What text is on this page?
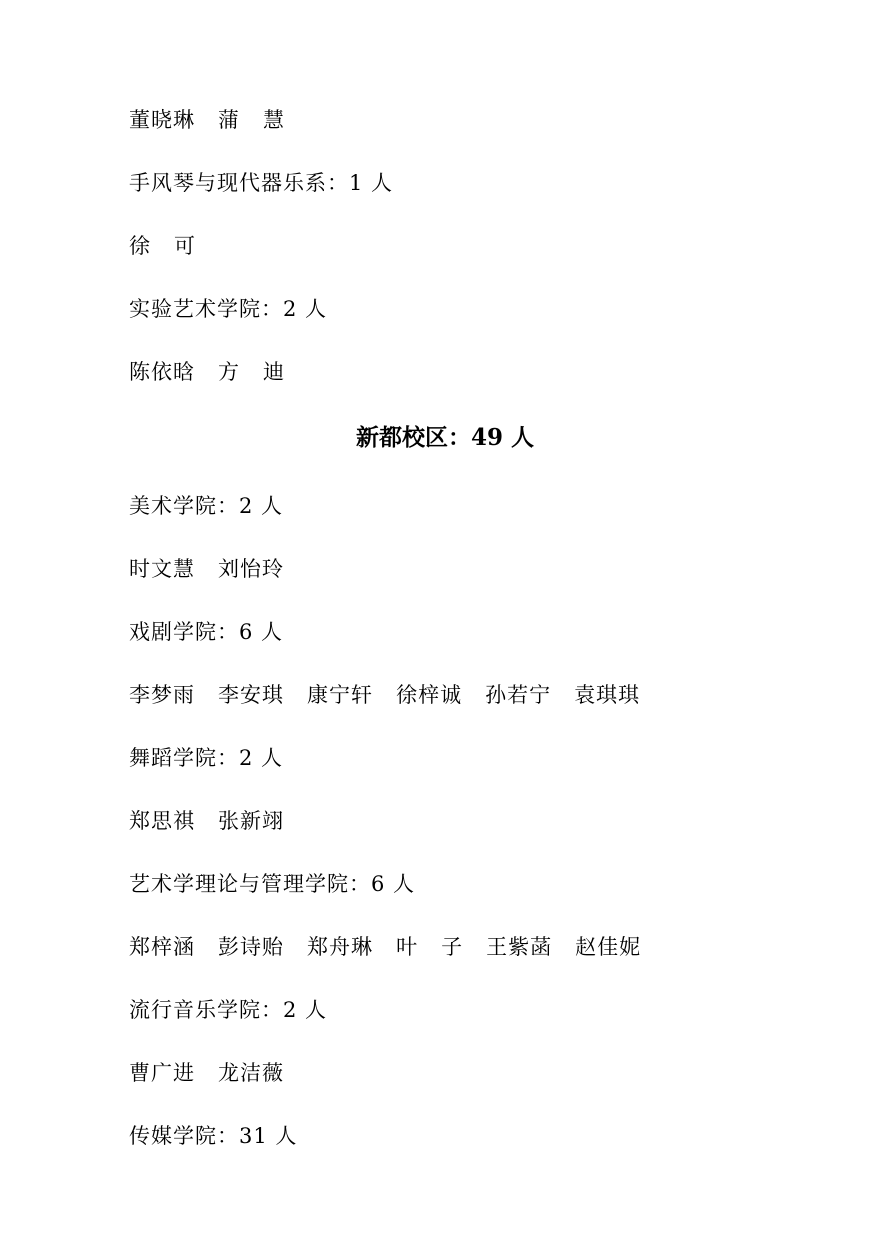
董晓琳   蒲   慧
手风琴与现代器乐系：1 人
徐   可
实验艺术学院：2 人
陈依晗   方   迪
新都校区：49 人
美术学院：2 人
时文慧   刘怡玲
戏剧学院：6 人
李梦雨   李安琪   康宁轩   徐梓诚   孙若宁   袁琪琪
舞蹈学院：2 人
郑思祺   张新翊
艺术学理论与管理学院：6 人
郑梓涵   彭诗贻   郑舟琳   叶   子   王紫菡   赵佳妮
流行音乐学院：2 人
曹广进   龙洁薇
传媒学院：31 人
